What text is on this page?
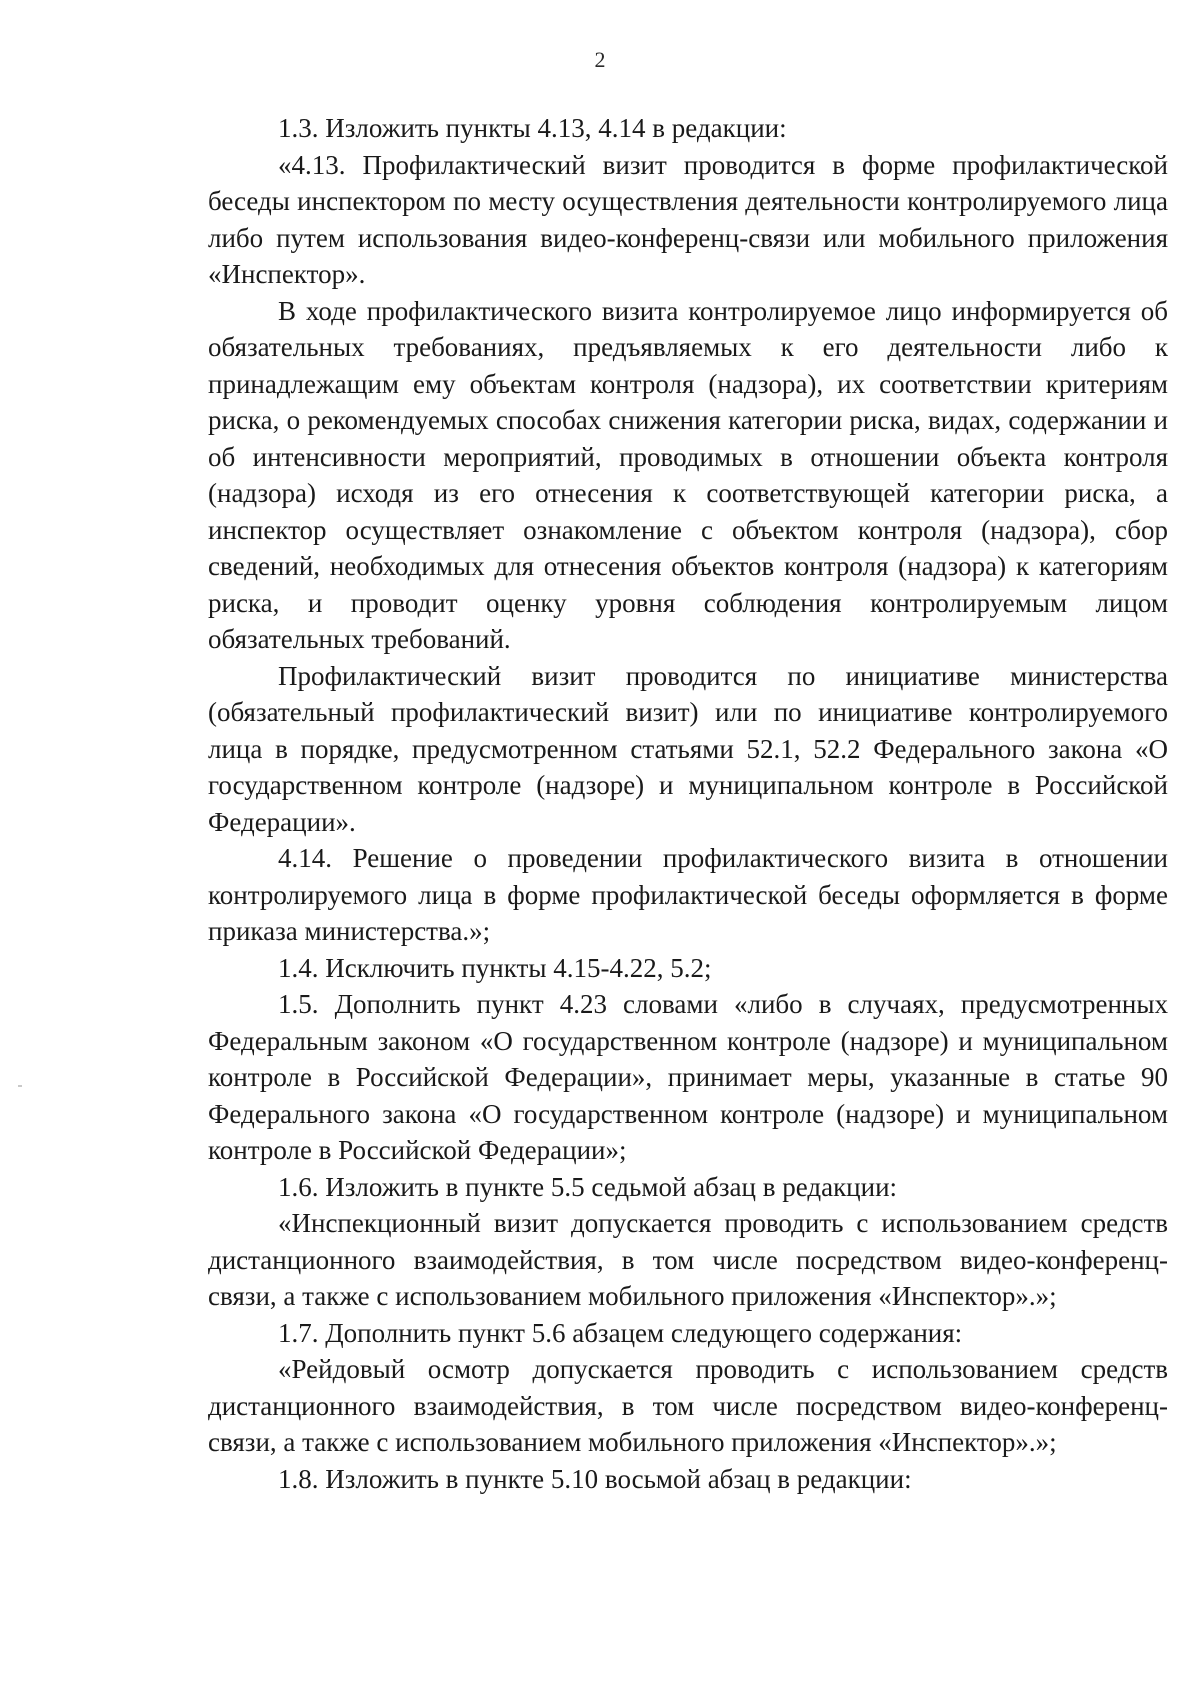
2

1.3. Изложить пункты 4.13, 4.14 в редакции:

«4.13. Профилактический визит проводится в форме профилактической беседы инспектором по месту осуществления деятельности контролируемого лица либо путем использования видео-конференц-связи или мобильного приложения «Инспектор».

В ходе профилактического визита контролируемое лицо информируется об обязательных требованиях, предъявляемых к его деятельности либо к принадлежащим ему объектам контроля (надзора), их соответствии критериям риска, о рекомендуемых способах снижения категории риска, видах, содержании и об интенсивности мероприятий, проводимых в отношении объекта контроля (надзора) исходя из его отнесения к соответствующей категории риска, а инспектор осуществляет ознакомление с объектом контроля (надзора), сбор сведений, необходимых для отнесения объектов контроля (надзора) к категориям риска, и проводит оценку уровня соблюдения контролируемым лицом обязательных требований.

Профилактический визит проводится по инициативе министерства (обязательный профилактический визит) или по инициативе контролируемого лица в порядке, предусмотренном статьями 52.1, 52.2 Федерального закона «О государственном контроле (надзоре) и муниципальном контроле в Российской Федерации».

4.14. Решение о проведении профилактического визита в отношении контролируемого лица в форме профилактической беседы оформляется в форме приказа министерства.»;

1.4. Исключить пункты 4.15-4.22, 5.2;

1.5. Дополнить пункт 4.23 словами «либо в случаях, предусмотренных Федеральным законом «О государственном контроле (надзоре) и муниципальном контроле в Российской Федерации», принимает меры, указанные в статье 90 Федерального закона «О государственном контроле (надзоре) и муниципальном контроле в Российской Федерации»;

1.6. Изложить в пункте 5.5 седьмой абзац в редакции:

«Инспекционный визит допускается проводить с использованием средств дистанционного взаимодействия, в том числе посредством видео-конференц-связи, а также с использованием мобильного приложения «Инспектор».»;

1.7. Дополнить пункт 5.6 абзацем следующего содержания:

«Рейдовый осмотр допускается проводить с использованием средств дистанционного взаимодействия, в том числе посредством видео-конференц-связи, а также с использованием мобильного приложения «Инспектор».»;

1.8. Изложить в пункте 5.10 восьмой абзац в редакции:
